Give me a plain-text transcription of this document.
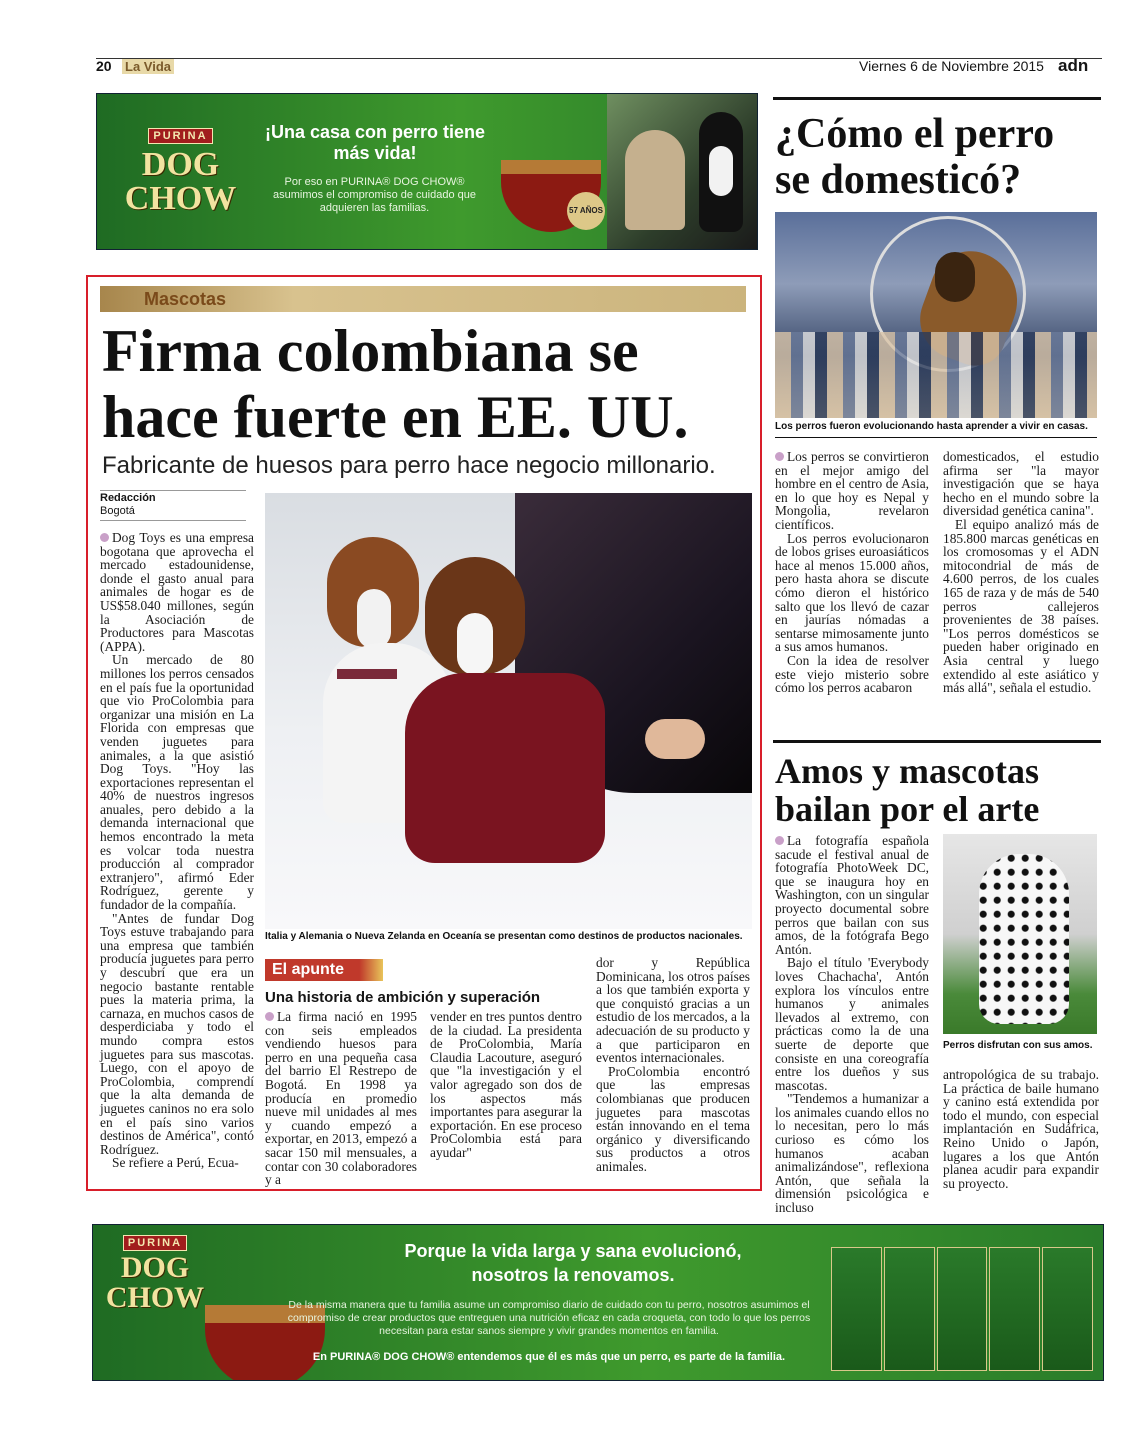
20 La Vida	Viernes 6 de Noviembre 2015 adn
PURINA
DOG
CHOW
¡Una casa con perro tiene más vida!
Por eso en PURINA® DOG CHOW® asumimos el compromiso de cuidado que adquieren las familias.	57 AÑOS
Mascotas
Firma colombiana se
hace fuerte en EE. UU.
Fabricante de huesos para perro hace negocio millonario.
Redacción
Bogotá

Dog Toys es una empresa bogotana que aprovecha el mercado estadounidense, donde el gasto anual para animales de hogar es de US$58.040 millones, según la Asociación de Productores para Mascotas (APPA).

Un mercado de 80 millones los perros censados en el país fue la oportunidad que vio ProColombia para organizar una misión en La Florida con empresas que venden juguetes para animales, a la que asistió Dog Toys. "Hoy las exportaciones representan el 40% de nuestros ingresos anuales, pero debido a la demanda internacional que hemos encontrado la meta es volcar toda nuestra producción al comprador extranjero", afirmó Eder Rodríguez, gerente y fundador de la compañía.

"Antes de fundar Dog Toys estuve trabajando para una empresa que también producía juguetes para perro y descubrí que era un negocio bastante rentable pues la materia prima, la carnaza, en muchos casos de desperdiciaba y todo el mundo compra estos juguetes para sus mascotas. Luego, con el apoyo de ProColombia, comprendí que la alta demanda de juguetes caninos no era solo en el país sino varios destinos de América", contó Rodríguez.

Se refiere a Perú, Ecua-

Italia y Alemania o Nueva Zelanda en Oceanía se presentan como destinos de productos nacionales.
El apunte
Una historia de ambición y superación

La firma nació en 1995 con seis empleados vendiendo huesos para perro en una pequeña casa del barrio El Restrepo de Bogotá. En 1998 ya producía en promedio nueve mil unidades al mes y cuando empezó a exportar, en 2013, empezó a sacar 150 mil mensuales, a contar con 30 colaboradores y a

vender en tres puntos dentro de la ciudad. La presidenta de ProColombia, María Claudia Lacouture, aseguró que "la investigación y el valor agregado son dos de los aspectos más importantes para asegurar la exportación. En ese proceso ProColombia está para ayudar"

dor y República Dominicana, los otros países a los que también exporta y que conquistó gracias a un estudio de los mercados, a la adecuación de su producto y a que participaron en eventos internacionales.

ProColombia encontró que las empresas colombianas que producen juguetes para mascotas están innovando en el tema orgánico y diversificando sus productos a otros animales.

¿Cómo el perro
se domesticó?
Los perros fueron evolucionando hasta aprender a vivir en casas.

Los perros se convirtieron en el mejor amigo del hombre en el centro de Asia, en lo que hoy es Nepal y Mongolia, revelaron científicos.

Los perros evolucionaron de lobos grises euroasiáticos hace al menos 15.000 años, pero hasta ahora se discute cómo dieron el histórico salto que los llevó de cazar en jaurías nómadas a sentarse mimosamente junto a sus amos humanos.

Con la idea de resolver este viejo misterio sobre cómo los perros acabaron

domesticados, el estudio afirma ser "la mayor investigación que se haya hecho en el mundo sobre la diversidad genética canina".

El equipo analizó más de 185.800 marcas genéticas en los cromosomas y el ADN mitocondrial de más de 4.600 perros, de los cuales 165 de raza y de más de 540 perros callejeros provenientes de 38 países. "Los perros domésticos se pueden haber originado en Asia central y luego extendido al este asiático y más allá", señala el estudio.

Amos y mascotas
bailan por el arte

La fotografía española sacude el festival anual de fotografía PhotoWeek DC, que se inaugura hoy en Washington, con un singular proyecto documental sobre perros que bailan con sus amos, de la fotógrafa Bego Antón.

Bajo el título 'Everybody loves Chachacha', Antón explora los vínculos entre humanos y animales llevados al extremo, con prácticas como la de una suerte de deporte que consiste en una coreografía entre los dueños y sus mascotas.

"Tendemos a humanizar a los animales cuando ellos no lo necesitan, pero lo más curioso es cómo los humanos acaban animalizándose", reflexiona Antón, que señala la dimensión psicológica e incluso

Perros disfrutan con sus amos.

antropológica de su trabajo. La práctica de baile humano y canino está extendida por todo el mundo, con especial implantación en Sudáfrica, Reino Unido o Japón, lugares a los que Antón planea acudir para expandir su proyecto.

PURINA
DOG
CHOW
Porque la vida larga y sana evolucionó,
nosotros la renovamos.
De la misma manera que tu familia asume un compromiso diario de cuidado con tu perro, nosotros asumimos el compromiso de crear productos que entreguen una nutrición eficaz en cada croqueta, con todo lo que los perros necesitan para estar sanos siempre y vivir grandes momentos en familia.
En PURINA® DOG CHOW® entendemos que él es más que un perro, es parte de la familia.
